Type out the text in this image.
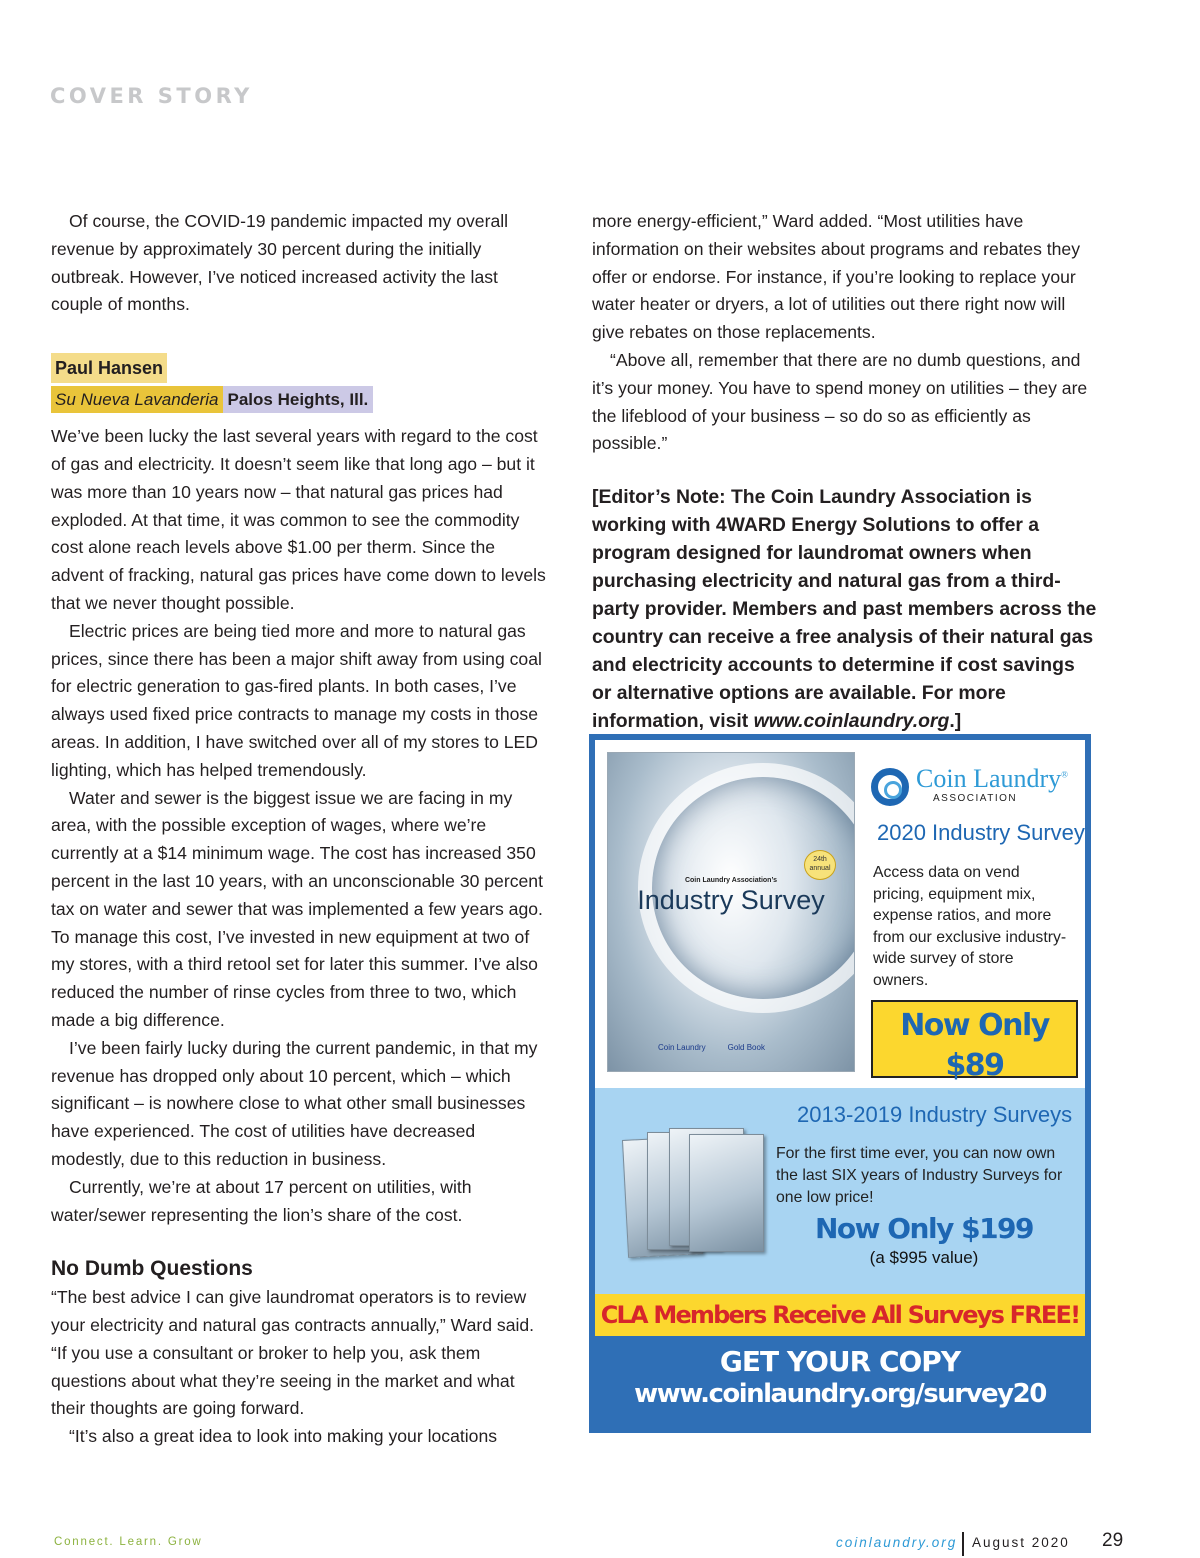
COVER STORY

Of course, the COVID-19 pandemic impacted my overall revenue by approximately 30 percent during the initially outbreak. However, I’ve noticed increased activity the last couple of months.

Paul Hansen
Su Nueva Lavanderia Palos Heights, Ill.

We’ve been lucky the last several years with regard to the cost of gas and electricity. It doesn’t seem like that long ago – but it was more than 10 years now – that natural gas prices had exploded. At that time, it was common to see the commodity cost alone reach levels above $1.00 per therm. Since the advent of fracking, natural gas prices have come down to levels that we never thought possible.

Electric prices are being tied more and more to natural gas prices, since there has been a major shift away from using coal for electric generation to gas-fired plants. In both cases, I’ve always used fixed price contracts to manage my costs in those areas. In addition, I have switched over all of my stores to LED lighting, which has helped tremendously.

Water and sewer is the biggest issue we are facing in my area, with the possible exception of wages, where we’re currently at a $14 minimum wage. The cost has increased 350 percent in the last 10 years, with an unconscionable 30 percent tax on water and sewer that was implemented a few years ago. To manage this cost, I’ve invested in new equipment at two of my stores, with a third retool set for later this summer. I’ve also reduced the number of rinse cycles from three to two, which made a big difference.

I’ve been fairly lucky during the current pandemic, in that my revenue has dropped only about 10 percent, which – which significant – is nowhere close to what other small businesses have experienced. The cost of utilities have decreased modestly, due to this reduction in business.

Currently, we’re at about 17 percent on utilities, with water/sewer representing the lion’s share of the cost.

No Dumb Questions

“The best advice I can give laundromat operators is to review your electricity and natural gas contracts annually,” Ward said. “If you use a consultant or broker to help you, ask them questions about what they’re seeing in the market and what their thoughts are going forward.

“It’s also a great idea to look into making your locations

more energy-efficient,” Ward added. “Most utilities have information on their websites about programs and rebates they offer or endorse. For instance, if you’re looking to replace your water heater or dryers, a lot of utilities out there right now will give rebates on those replacements.

“Above all, remember that there are no dumb questions, and it’s your money. You have to spend money on utilities – they are the lifeblood of your business – so do so as efficiently as possible.”

[Editor’s Note: The Coin Laundry Association is working with 4WARD Energy Solutions to offer a program designed for laundromat owners when purchasing electricity and natural gas from a third-party provider. Members and past members across the country can receive a free analysis of their natural gas and electricity accounts to determine if cost savings or alternative options are available. For more information, visit www.coinlaundry.org.]
24th
annual
Coin Laundry Association’s
Industry Survey
Coin Laundry	Gold Book
Coin Laundry®
ASSOCIATION
2020 Industry Survey
Access data on vend pricing, equipment mix, expense ratios, and more from our exclusive industry-wide survey of store owners.
Now Only $89
2013-2019 Industry Surveys
For the first time ever, you can now own the last SIX years of Industry Surveys for one low price!
Now Only $199
(a $995 value)
CLA Members Receive All Surveys FREE!
GET YOUR COPY
www.coinlaundry.org/survey20
Connect. Learn. Grow	coinlaundry.org August 2020 29
